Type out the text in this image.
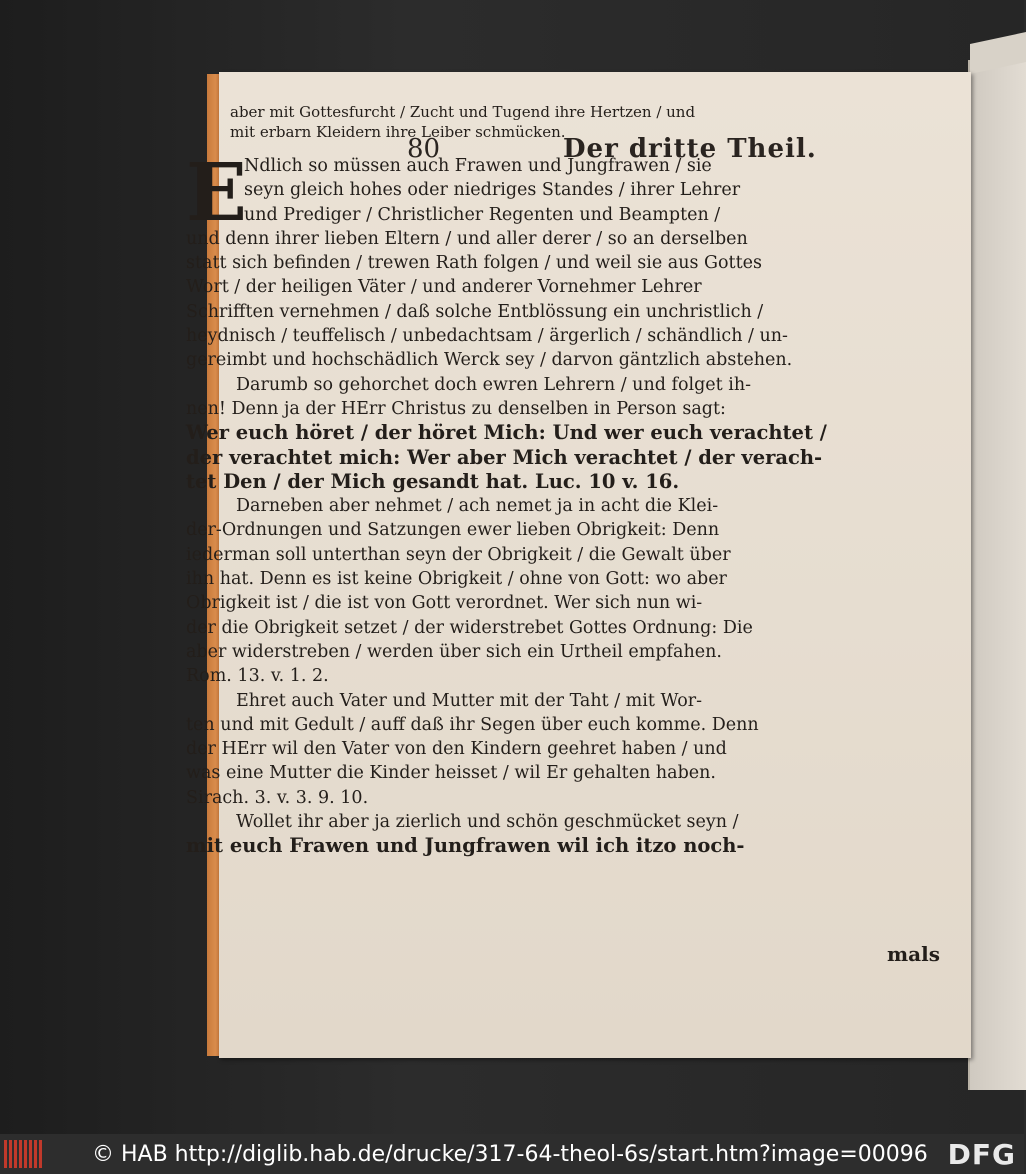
80	Der dritte Theil.
E
aber mit Gottesfurcht / Zucht und Tugend ihre Hertzen / und
mit erbarn Kleidern ihre Leiber schmücken.
Ndlich so müssen auch Frawen und Jungfrawen / sie
seyn gleich hohes oder niedriges Standes / ihrer Lehrer
und Prediger / Christlicher Regenten und Beampten /
und denn ihrer lieben Eltern / und aller derer / so an derselben
statt sich befinden / trewen Rath folgen / und weil sie aus Gottes
Wort / der heiligen Väter / und anderer Vornehmer Lehrer
Schrifften vernehmen / daß solche Entblössung ein unchristlich /
heydnisch / teuffelisch / unbedachtsam / ärgerlich / schändlich / un-
gereimbt und hochschädlich Werck sey / darvon gäntzlich abstehen.
Darumb so gehorchet doch ewren Lehrern / und folget ih-
nen! Denn ja der HErr Christus zu denselben in Person sagt:
Wer euch höret / der höret Mich: Und wer euch verachtet /
der verachtet mich: Wer aber Mich verachtet / der verach-
tet Den / der Mich gesandt hat. Luc. 10 v. 16.
Darneben aber nehmet / ach nemet ja in acht die Klei-
der-Ordnungen und Satzungen ewer lieben Obrigkeit: Denn
iederman soll unterthan seyn der Obrigkeit / die Gewalt über
ihn hat. Denn es ist keine Obrigkeit / ohne von Gott: wo aber
Obrigkeit ist / die ist von Gott verordnet. Wer sich nun wi-
der die Obrigkeit setzet / der widerstrebet Gottes Ordnung: Die
aber widerstreben / werden über sich ein Urtheil empfahen.
Rom. 13. v. 1. 2.
Ehret auch Vater und Mutter mit der Taht / mit Wor-
ten und mit Gedult / auff daß ihr Segen über euch komme. Denn
der HErr wil den Vater von den Kindern geehret haben / und
was eine Mutter die Kinder heisset / wil Er gehalten haben.
Sirach. 3. v. 3. 9. 10.
Wollet ihr aber ja zierlich und schön geschmücket seyn /
mit euch Frawen und Jungfrawen wil ich itzo noch-
mals
© HAB http://diglib.hab.de/drucke/317-64-theol-6s/start.htm?image=00096 DFG
